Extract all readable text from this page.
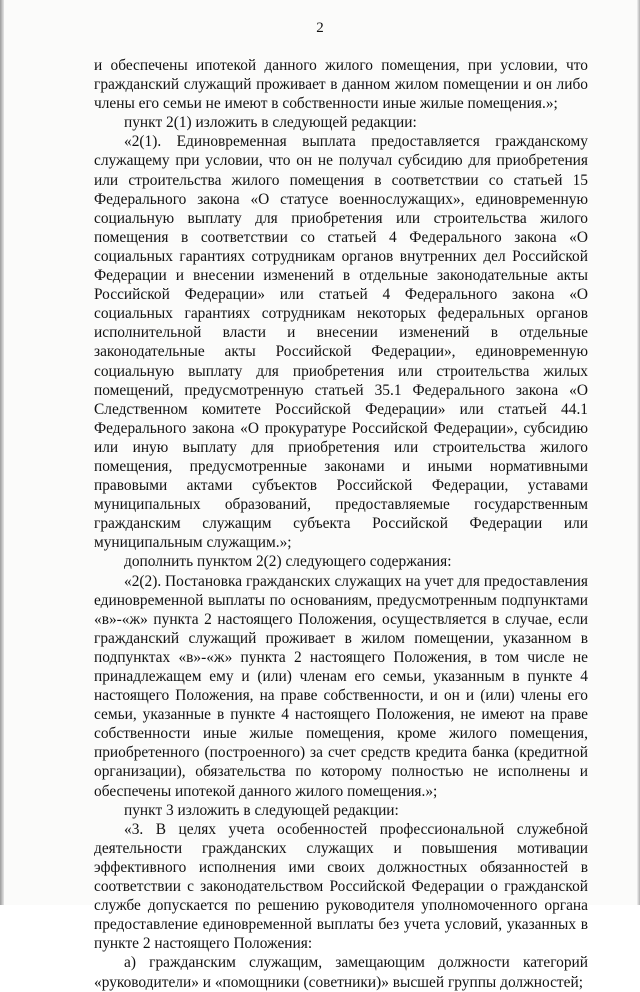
2

и обеспечены ипотекой данного жилого помещения, при условии, что гражданский служащий проживает в данном жилом помещении и он либо члены его семьи не имеют в собственности иные жилые помещения.»;

пункт 2(1) изложить в следующей редакции:

«2(1). Единовременная выплата предоставляется гражданскому служащему при условии, что он не получал субсидию для приобретения или строительства жилого помещения в соответствии со статьей 15 Федерального закона «О статусе военнослужащих», единовременную социальную выплату для приобретения или строительства жилого помещения в соответствии со статьей 4 Федерального закона «О социальных гарантиях сотрудникам органов внутренних дел Российской Федерации и внесении изменений в отдельные законодательные акты Российской Федерации» или статьей 4 Федерального закона «О социальных гарантиях сотрудникам некоторых федеральных органов исполнительной власти и внесении изменений в отдельные законодательные акты Российской Федерации», единовременную социальную выплату для приобретения или строительства жилых помещений, предусмотренную статьей 35.1 Федерального закона «О Следственном комитете Российской Федерации» или статьей 44.1 Федерального закона «О прокуратуре Российской Федерации», субсидию или иную выплату для приобретения или строительства жилого помещения, предусмотренные законами и иными нормативными правовыми актами субъектов Российской Федерации, уставами муниципальных образований, предоставляемые государственным гражданским служащим субъекта Российской Федерации или муниципальным служащим.»;

дополнить пунктом 2(2) следующего содержания:

«2(2). Постановка гражданских служащих на учет для предоставления единовременной выплаты по основаниям, предусмотренным подпунктами «в»-«ж» пункта 2 настоящего Положения, осуществляется в случае, если гражданский служащий проживает в жилом помещении, указанном в подпунктах «в»-«ж» пункта 2 настоящего Положения, в том числе не принадлежащем ему и (или) членам его семьи, указанным в пункте 4 настоящего Положения, на праве собственности, и он и (или) члены его семьи, указанные в пункте 4 настоящего Положения, не имеют на праве собственности иные жилые помещения, кроме жилого помещения, приобретенного (построенного) за счет средств кредита банка (кредитной организации), обязательства по которому полностью не исполнены и обеспечены ипотекой данного жилого помещения.»;

пункт 3 изложить в следующей редакции:

«3. В целях учета особенностей профессиональной служебной деятельности гражданских служащих и повышения мотивации эффективного исполнения ими своих должностных обязанностей в соответствии с законодательством Российской Федерации о гражданской службе допускается по решению руководителя уполномоченного органа предоставление единовременной выплаты без учета условий, указанных в пункте 2 настоящего Положения:

а) гражданским служащим, замещающим должности категорий «руководители» и «помощники (советники)» высшей группы должностей;
